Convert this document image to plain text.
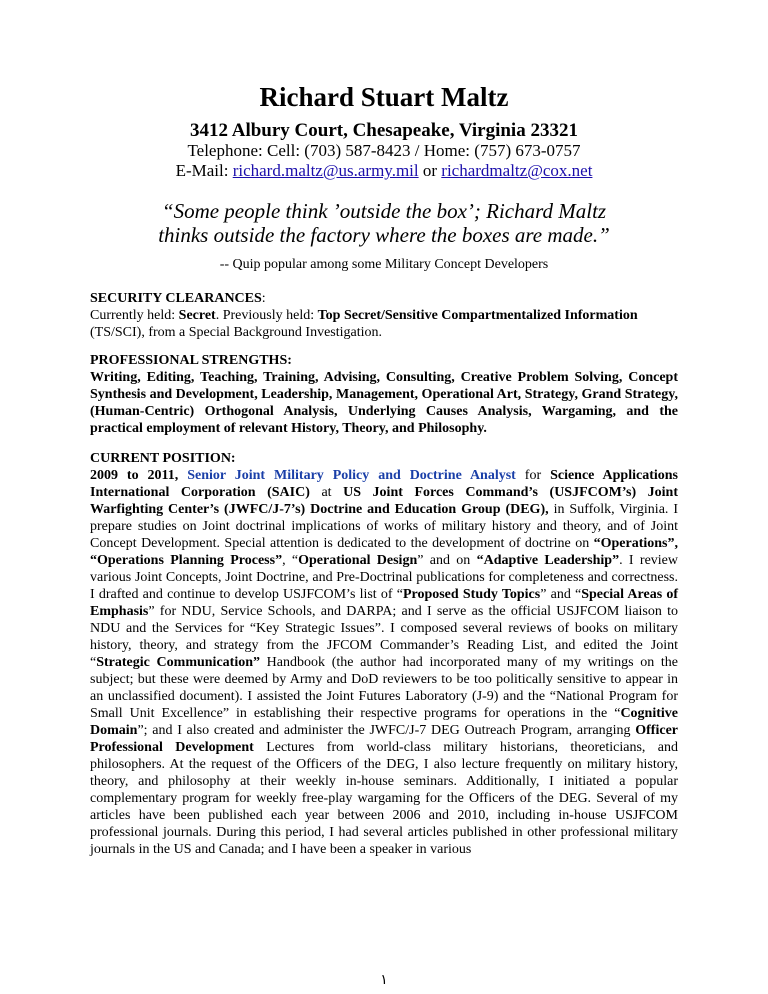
Richard Stuart Maltz
3412 Albury Court, Chesapeake, Virginia 23321
Telephone: Cell: (703) 587-8423 / Home: (757) 673-0757
E-Mail: richard.maltz@us.army.mil or richardmaltz@cox.net
“Some people think ’outside the box’; Richard Maltz
thinks outside the factory where the boxes are made.”
-- Quip popular among some Military Concept Developers
SECURITY CLEARANCES:
Currently held: Secret. Previously held: Top Secret/Sensitive Compartmentalized Information (TS/SCI), from a Special Background Investigation.
PROFESSIONAL STRENGTHS:
Writing, Editing, Teaching, Training, Advising, Consulting, Creative Problem Solving, Concept Synthesis and Development, Leadership, Management, Operational Art, Strategy, Grand Strategy, (Human-Centric) Orthogonal Analysis, Underlying Causes Analysis, Wargaming, and the practical employment of relevant History, Theory, and Philosophy.
CURRENT POSITION:
2009 to 2011, Senior Joint Military Policy and Doctrine Analyst for Science Applications International Corporation (SAIC) at US Joint Forces Command’s (USJFCOM’s) Joint Warfighting Center’s (JWFC/J-7’s) Doctrine and Education Group (DEG), in Suffolk, Virginia. I prepare studies on Joint doctrinal implications of works of military history and theory, and of Joint Concept Development. Special attention is dedicated to the development of doctrine on “Operations”, “Operations Planning Process”, “Operational Design” and on “Adaptive Leadership”. I review various Joint Concepts, Joint Doctrine, and Pre-Doctrinal publications for completeness and correctness. I drafted and continue to develop USJFCOM’s list of “Proposed Study Topics” and “Special Areas of Emphasis” for NDU, Service Schools, and DARPA; and I serve as the official USJFCOM liaison to NDU and the Services for “Key Strategic Issues”. I composed several reviews of books on military history, theory, and strategy from the JFCOM Commander’s Reading List, and edited the Joint “Strategic Communication” Handbook (the author had incorporated many of my writings on the subject; but these were deemed by Army and DoD reviewers to be too politically sensitive to appear in an unclassified document). I assisted the Joint Futures Laboratory (J-9) and the “National Program for Small Unit Excellence” in establishing their respective programs for operations in the “Cognitive Domain”; and I also created and administer the JWFC/J-7 DEG Outreach Program, arranging Officer Professional Development Lectures from world-class military historians, theoreticians, and philosophers. At the request of the Officers of the DEG, I also lecture frequently on military history, theory, and philosophy at their weekly in-house seminars. Additionally, I initiated a popular complementary program for weekly free-play wargaming for the Officers of the DEG. Several of my articles have been published each year between 2006 and 2010, including in-house USJFCOM professional journals. During this period, I had several articles published in other professional military journals in the US and Canada; and I have been a speaker in various
١
